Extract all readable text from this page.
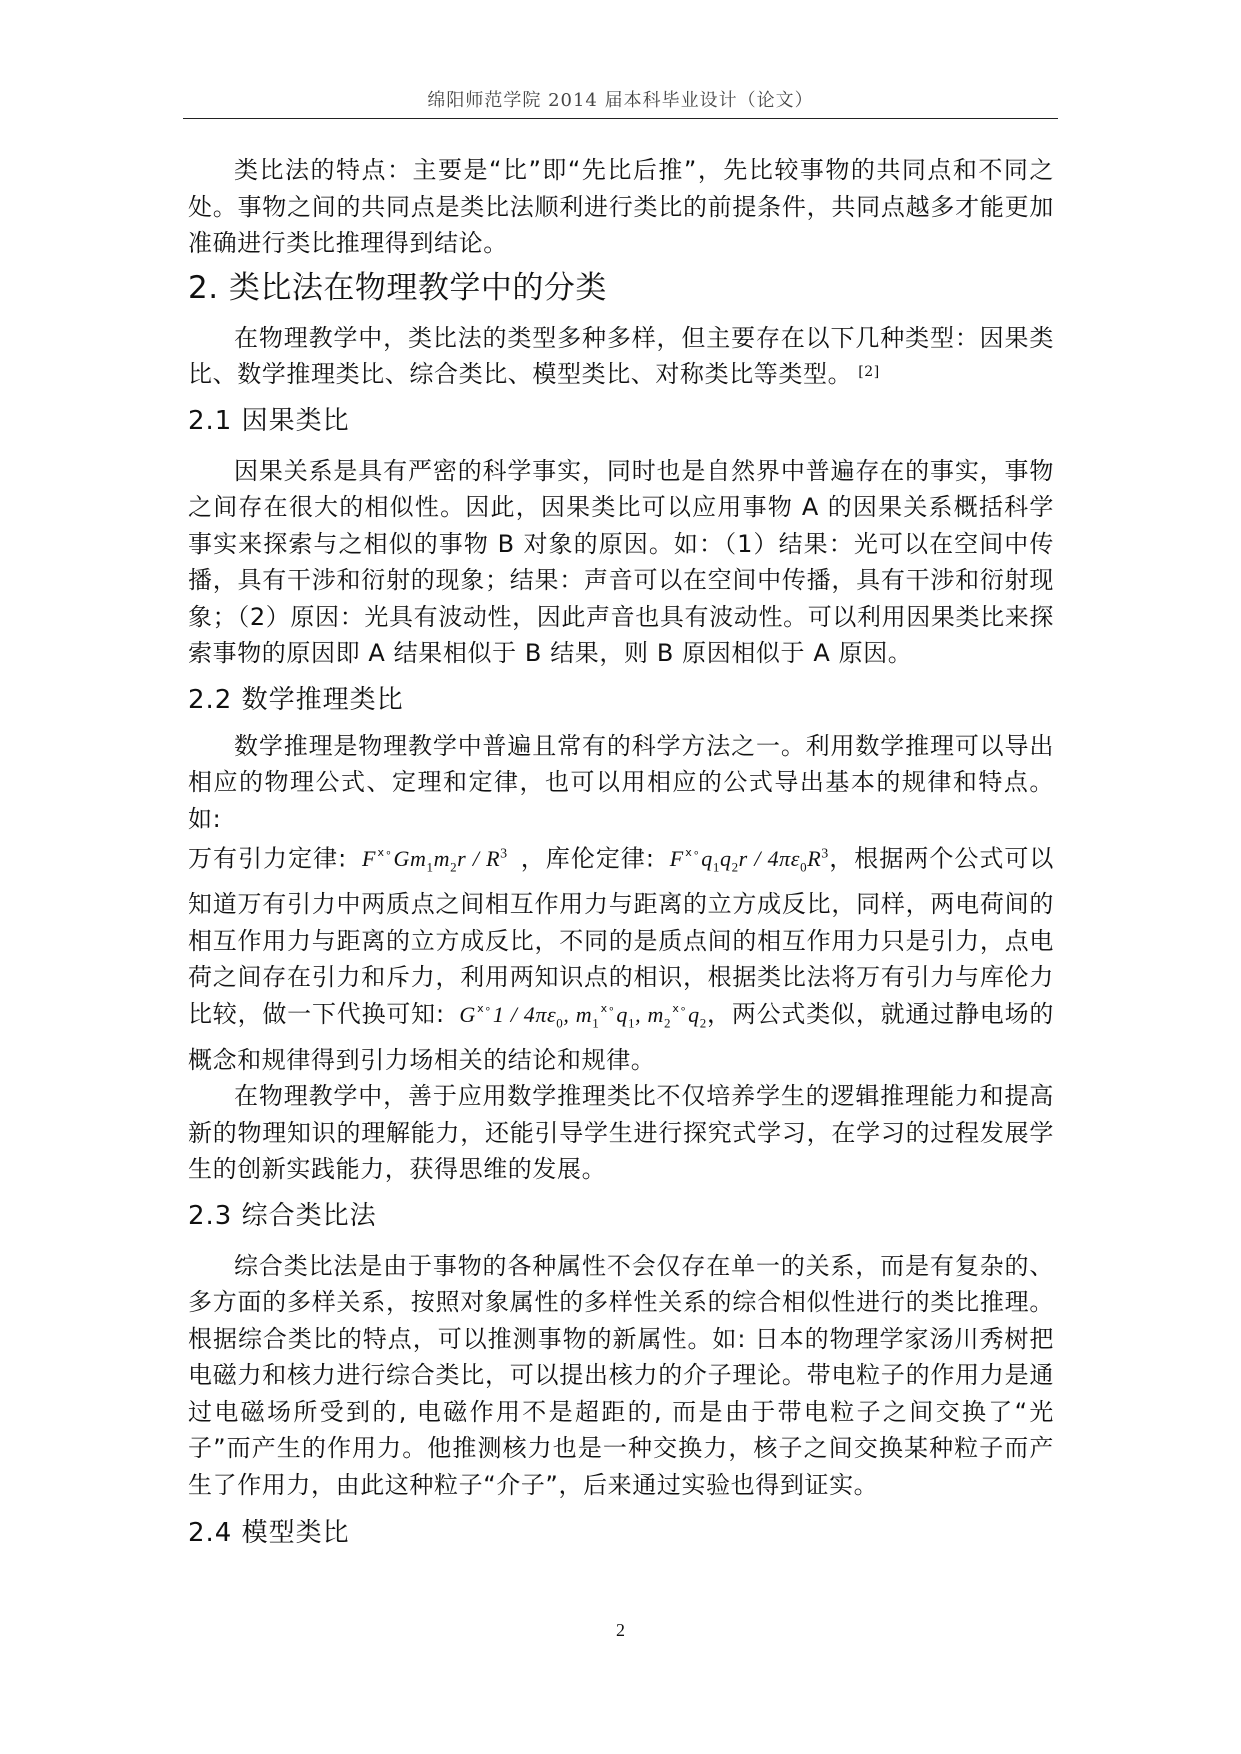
绵阳师范学院 2014 届本科毕业设计（论文）

类比法的特点：主要是“比”即“先比后推”，先比较事物的共同点和不同之处。事物之间的共同点是类比法顺利进行类比的前提条件，共同点越多才能更加准确进行类比推理得到结论。

2. 类比法在物理教学中的分类

在物理教学中，类比法的类型多种多样，但主要存在以下几种类型：因果类比、数学推理类比、综合类比、模型类比、对称类比等类型。 [2]

2.1 因果类比

因果关系是具有严密的科学事实，同时也是自然界中普遍存在的事实，事物之间存在很大的相似性。因此，因果类比可以应用事物 A 的因果关系概括科学事实来探索与之相似的事物 B 对象的原因。如：（1）结果：光可以在空间中传播，具有干涉和衍射的现象；结果：声音可以在空间中传播，具有干涉和衍射现象；（2）原因：光具有波动性，因此声音也具有波动性。可以利用因果类比来探索事物的原因即 A 结果相似于 B 结果，则 B 原因相似于 A 原因。

2.2 数学推理类比

数学推理是物理教学中普遍且常有的科学方法之一。利用数学推理可以导出相应的物理公式、定理和定律，也可以用相应的公式导出基本的规律和特点。如:

万有引力定律: $F^{ⅹ\circ}Gm_1m_2r / R^3$ ，库伦定律: $F^{ⅹ\circ}q_1q_2r / 4\pi\varepsilon_0R^3$，根据两个公式可以知道万有引力中两质点之间相互作用力与距离的立方成反比，同样，两电荷间的相互作用力与距离的立方成反比，不同的是质点间的相互作用力只是引力，点电荷之间存在引力和斥力，利用两知识点的相识，根据类比法将万有引力与库伦力比较，做一下代换可知: $G^{ⅹ\circ}1 / 4\pi\varepsilon_0$, $m_1^{ⅹ\circ}q_1$, $m_2^{ⅹ\circ}q_2$，两公式类似，就通过静电场的概念和规律得到引力场相关的结论和规律。

在物理教学中，善于应用数学推理类比不仅培养学生的逻辑推理能力和提高新的物理知识的理解能力，还能引导学生进行探究式学习，在学习的过程发展学生的创新实践能力，获得思维的发展。

2.3 综合类比法

综合类比法是由于事物的各种属性不会仅存在单一的关系，而是有复杂的、多方面的多样关系，按照对象属性的多样性关系的综合相似性进行的类比推理。根据综合类比的特点，可以推测事物的新属性。如: 日本的物理学家汤川秀树把电磁力和核力进行综合类比，可以提出核力的介子理论。带电粒子的作用力是通过电磁场所受到的, 电磁作用不是超距的, 而是由于带电粒子之间交换了“光子”而产生的作用力。他推测核力也是一种交换力，核子之间交换某种粒子而产生了作用力，由此这种粒子“介子”，后来通过实验也得到证实。

2.4 模型类比
2
